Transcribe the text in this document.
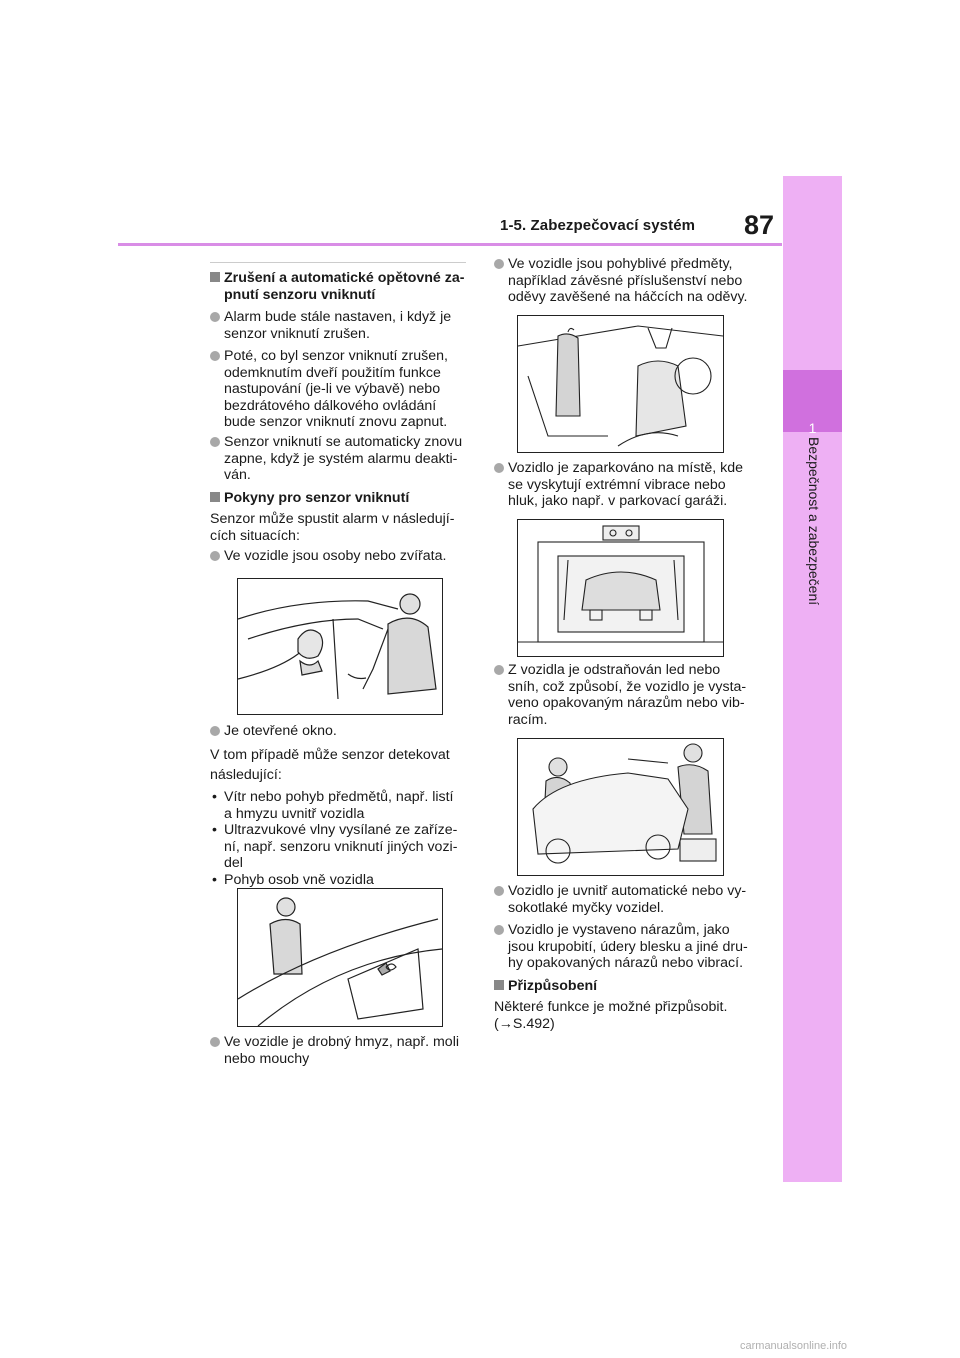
1-5. Zabezpečovací systém 87
1
Bezpečnost a zabezpečení
Zrušení a automatické opětovné za-
pnutí senzoru vniknutí
Alarm bude stále nastaven, i když je
senzor vniknutí zrušen.
Poté, co byl senzor vniknutí zrušen,
odemknutím dveří použitím funkce
nastupování (je-li ve výbavě) nebo
bezdrátového dálkového ovládání
bude senzor vniknutí znovu zapnut.
Senzor vniknutí se automaticky znovu
zapne, když je systém alarmu deakti-
ván.
Pokyny pro senzor vniknutí
Senzor může spustit alarm v následují-
cích situacích:
Ve vozidle jsou osoby nebo zvířata.
Je otevřené okno.
V tom případě může senzor detekovat
následující:
• Vítr nebo pohyb předmětů, např. listí
a hmyzu uvnitř vozidla
• Ultrazvukové vlny vysílané ze zaříze-
ní, např. senzoru vniknutí jiných vozi-
del
• Pohyb osob vně vozidla
Ve vozidle je drobný hmyz, např. moli
nebo mouchy
Ve vozidle jsou pohyblivé předměty,
například závěsné příslušenství nebo
oděvy zavěšené na háčcích na oděvy.
Vozidlo je zaparkováno na místě, kde
se vyskytují extrémní vibrace nebo
hluk, jako např. v parkovací garáži.
Z vozidla je odstraňován led nebo
sníh, což způsobí, že vozidlo je vysta-
veno opakovaným nárazům nebo vib-
racím.
Vozidlo je uvnitř automatické nebo vy-
sokotlaké myčky vozidel.
Vozidlo je vystaveno nárazům, jako
jsou krupobití, údery blesku a jiné dru-
hy opakovaných nárazů nebo vibrací.
Přizpůsobení
Některé funkce je možné přizpůsobit.
(→S.492)
carmanualsonline.info
